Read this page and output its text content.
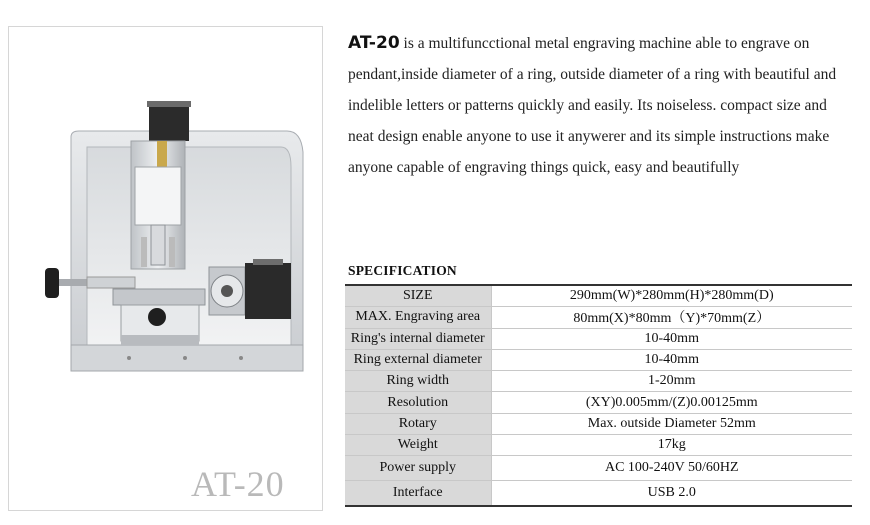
AT-20
AT-20 is a multifuncctional metal engraving machine able to engrave on pendant,inside diameter of a ring, outside diameter of a ring with beautiful and indelible letters or patterns quickly and easily. Its noiseless. compact size and neat design enable anyone to use it anywerer and its simple instructions make anyone capable of engraving things quick, easy and beautifully
SPECIFICATION
SIZE	290mm(W)*280mm(H)*280mm(D)
MAX. Engraving area	80mm(X)*80mm（Y)*70mm(Z）
Ring's internal diameter	10-40mm
Ring external diameter	10-40mm
Ring width	1-20mm
Resolution	(XY)0.005mm/(Z)0.00125mm
Rotary	Max. outside Diameter 52mm
Weight	17kg
Power supply	AC 100-240V 50/60HZ
Interface	USB 2.0
